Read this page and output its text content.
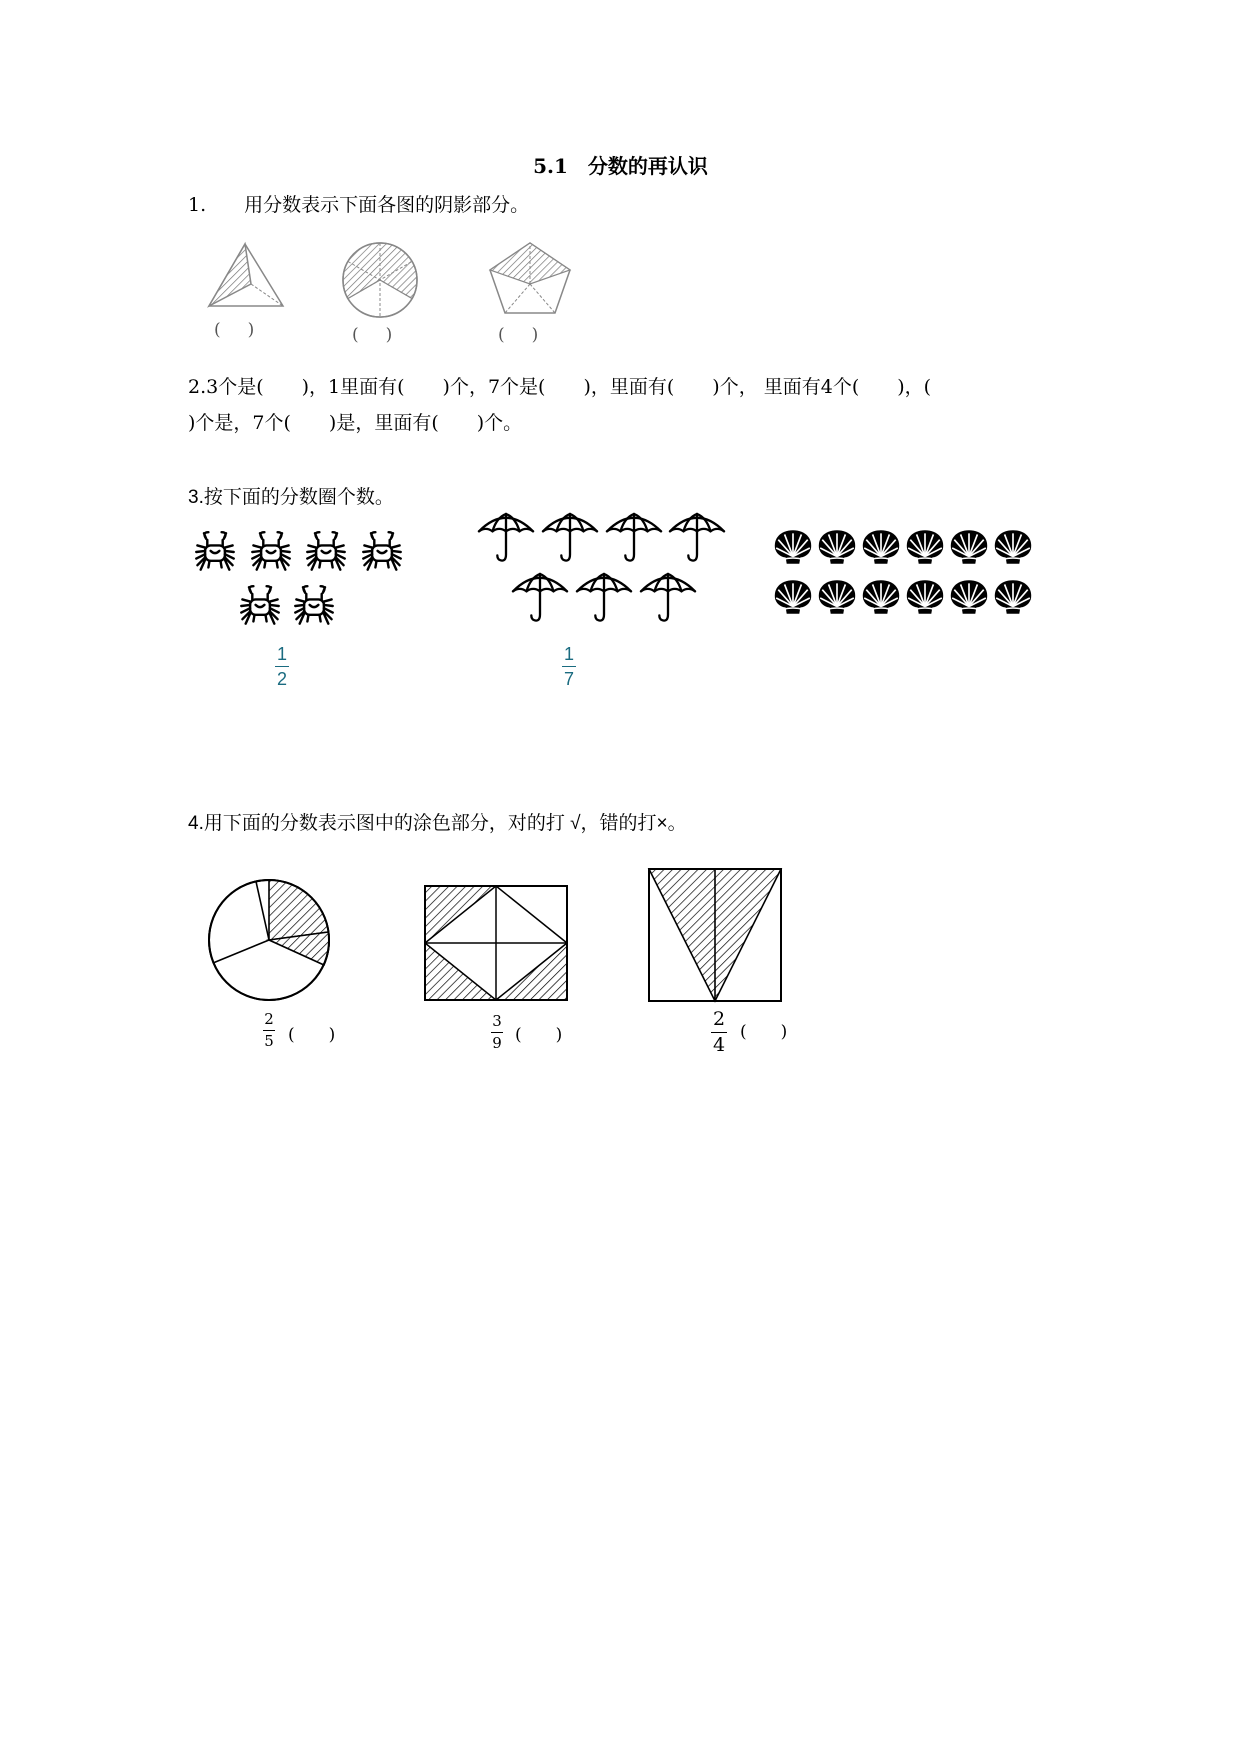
5.1　分数的再认识
1.　　用分数表示下面各图的阴影部分。
(     )	(     )	(     )
2.3个是(　　)，1里面有(　　)个，7个是(　　)，里面有(　　)个， 里面有4个(　　)，(
)个是，7个(　　)是，里面有(　　)个。
3.按下面的分数圈个数。
1
2
1
7
4.用下面的分数表示图中的涂色部分，对的打 √，错的打×。
2
5 (　　)
3
9 (　　)
2
4
(　　)
